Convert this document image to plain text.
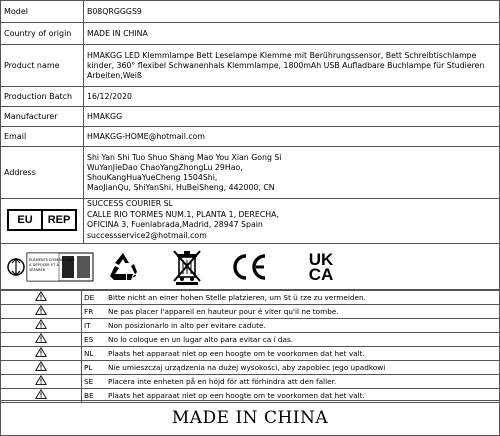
Model	B08QRGGGS9
Country of origin	MADE IN CHINA
Product name	HMAKGG LED Klemmlampe Bett Leselampe Klemme mit Berührungssensor, Bett Schreibtischlampe kinder, 360° flexibel Schwanenhals Klemmlampe, 1800mAh USB Aufladbare Buchlampe für Studieren Arbeiten,Weiß
Production Batch	16/12/2020
Manufacturer	HMAKGG
Email	HMAKGG-HOME@hotmail.com
Address	Shi Yan Shi Tuo Shuo Shang Mao You Xian Gong Si
WuYanJieDao ChaoYangZhongLu 29Hao,
ShouKangHuaYueCheng 1504Shi,
MaoJianQu, ShiYanShi, HuBeiSheng, 442000, CN
EU	REP
SUCCESS COURIER SL
CALLE RIO TORMES NUM.1, PLANTA 1, DERECHA,
OFICINA 3, Fuenlabrada,Madrid, 28947 Spain
successservice2@hotmail.com
ÉLÉMENTS D'EMBALLAGE
À DÉPOSER ET À
SÉPARER
UK
CA
	DE	Bitte nicht an einer hohen Stelle platzieren, um St ü rze zu vermeiden.
	FR	Ne pas placer l'appareil en hauteur pour é viter qu'il ne tombe.
	IT	Non posizionarlo in alto per evitare cadute.
	ES	No lo coloque en un lugar alto para evitar ca í das.
	NL	Plaats het apparaat niet op een hoogte om te voorkomen dat het valt.
	PL	Nie umieszczaj urządzenia na dużej wysokości, aby zapobiec jego upadkowi
	SE	Placera inte enheten på en höjd för att förhindra att den faller.
	BE	Plaats het apparaat niet op een hoogte om te voorkomen dat het valt.
MADE IN CHINA
